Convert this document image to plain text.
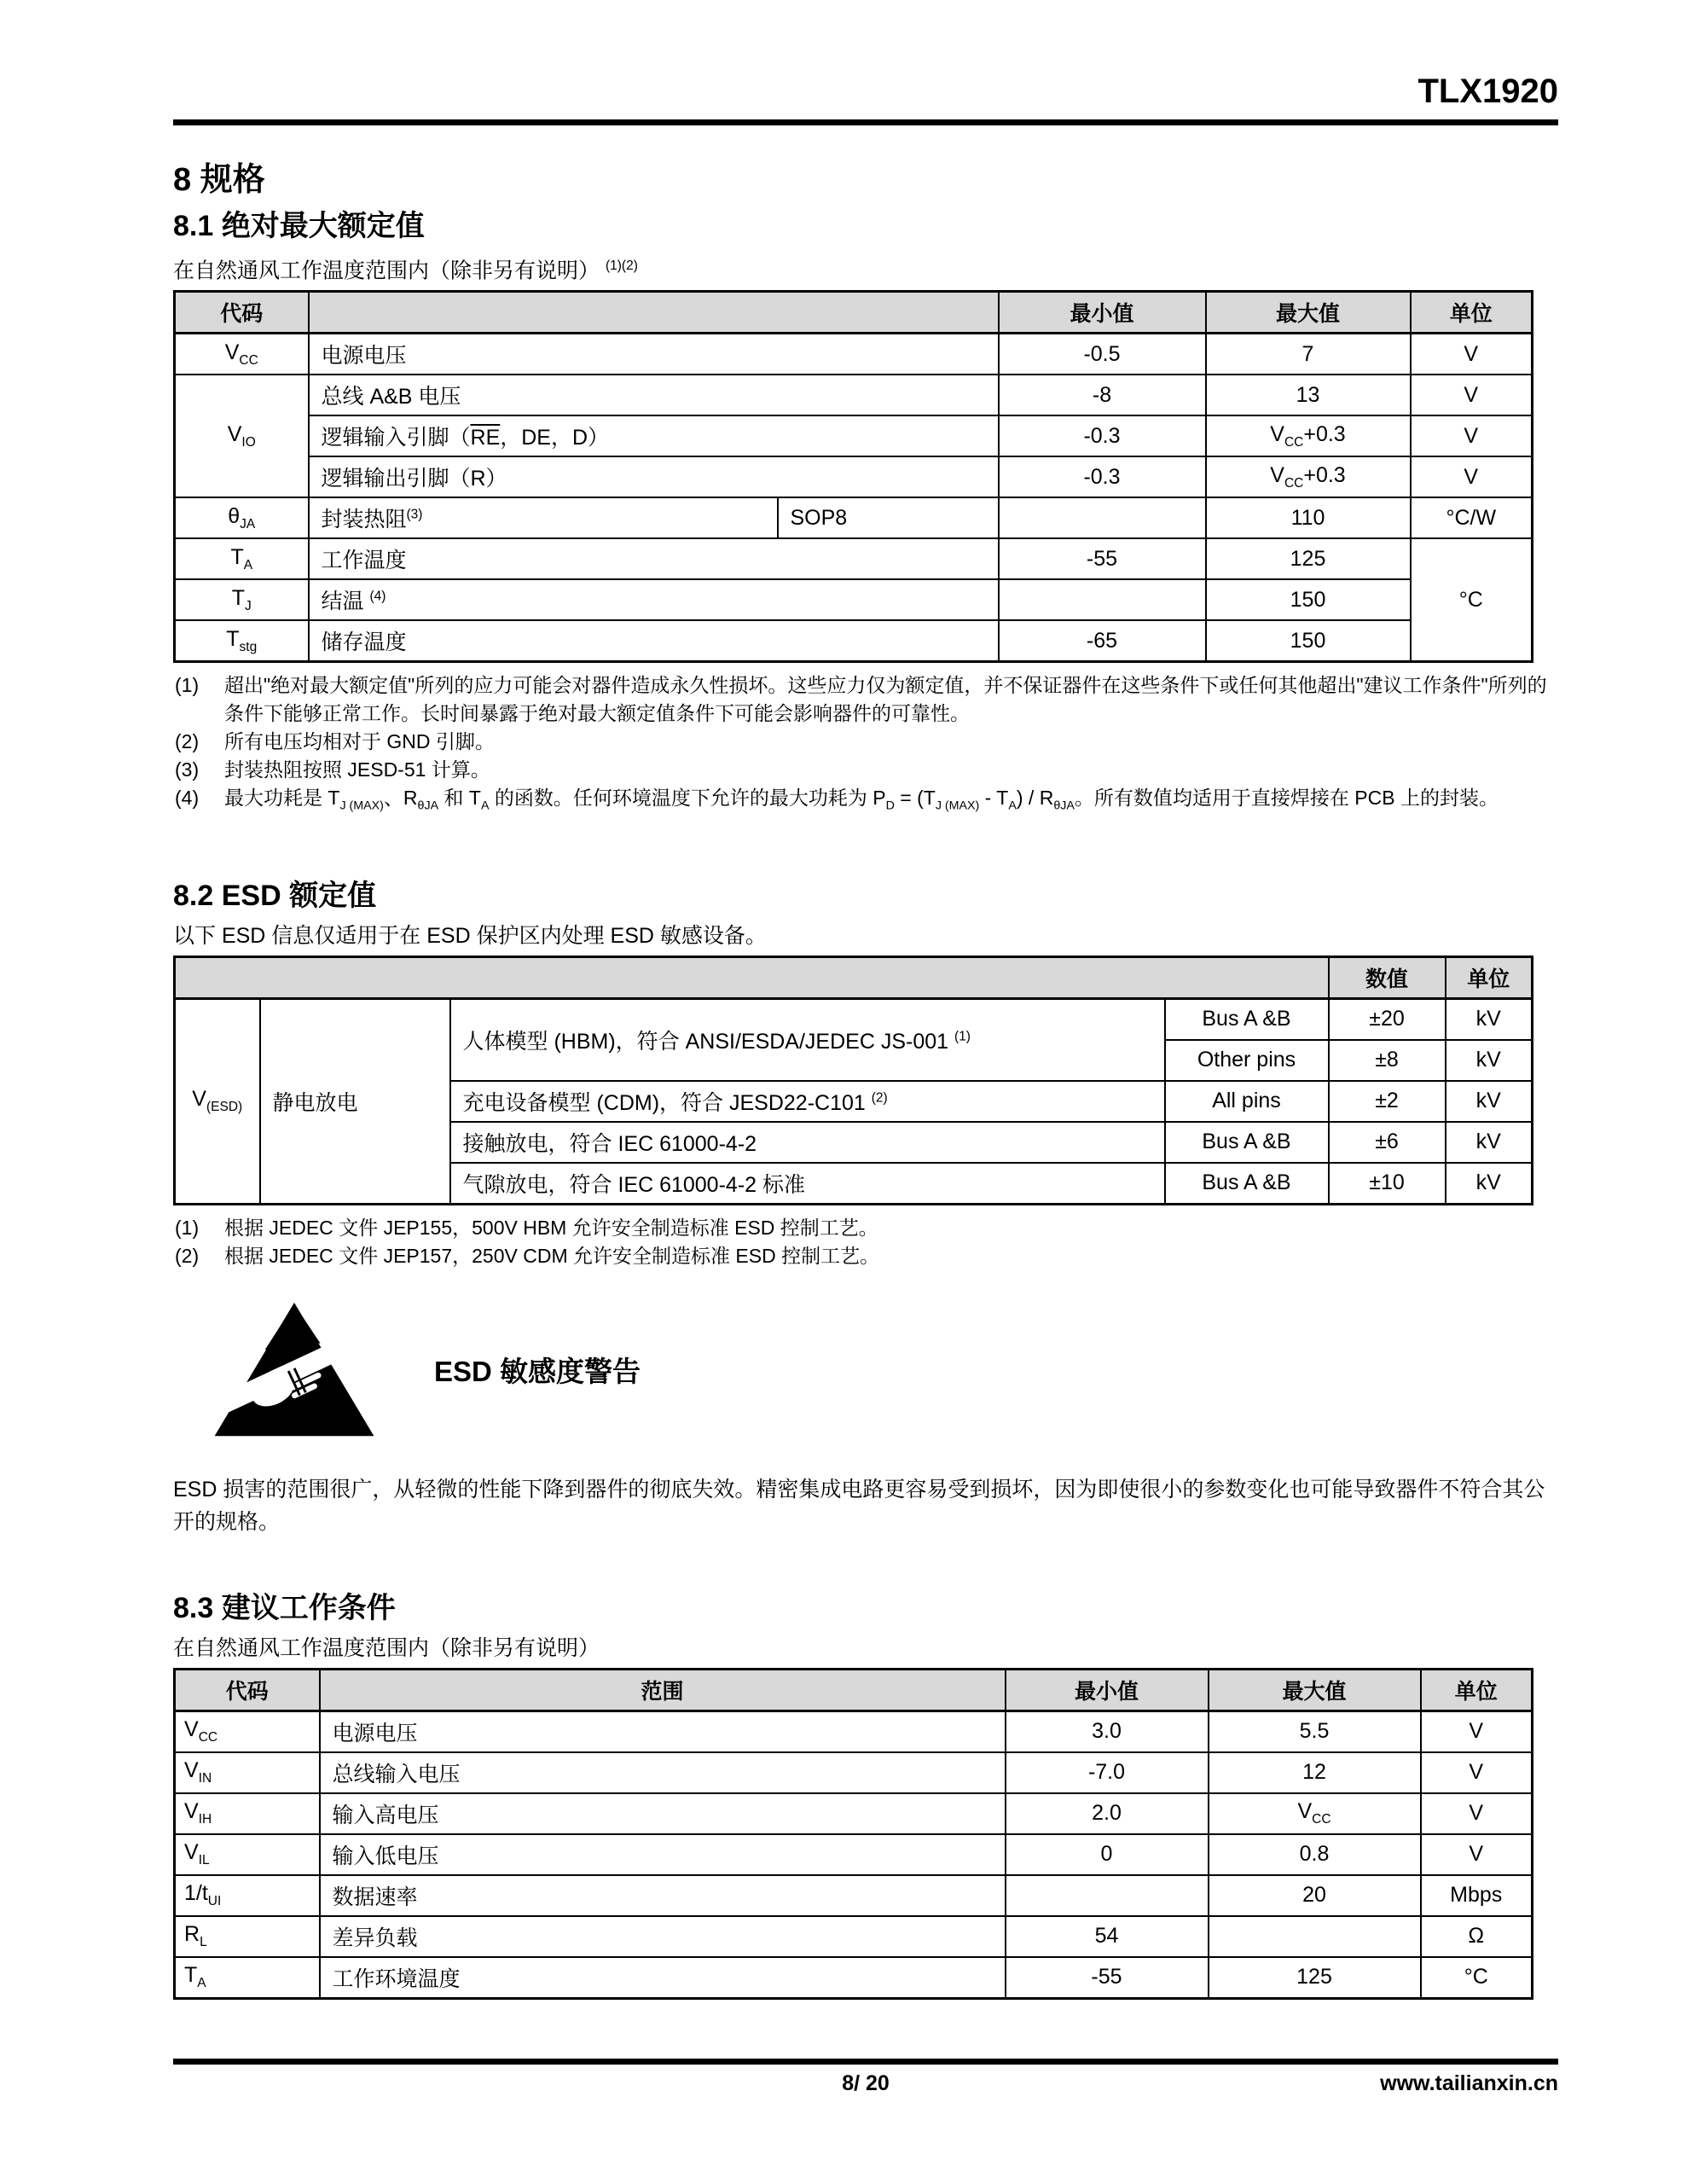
TLX1920
8 规格
8.1 绝对最大额定值
在自然通风工作温度范围内（除非另有说明） $^{(1)(2)}$
代码			最小值	最大值	单位
$V_{CC}$	电源电压		-0.5	7	V
$V_{IO}$	总线 A&B 电压		-8	13	V
	逻辑输入引脚（$\overline{RE}$，DE，D）		-0.3	$V_{CC}+0.3$	V
	逻辑输出引脚（R）		-0.3	$V_{CC}+0.3$	V
$\theta_{JA}$	封装热阻$^{(3)}$	SOP8		110	°C/W
$T_A$	工作温度		-55	125	°C
$T_J$	结温 $^{(4)}$			150	
$T_{stg}$	储存温度		-65	150	
(1)	超出"绝对最大额定值"所列的应力可能会对器件造成永久性损坏。这些应力仅为额定值，并不保证器件在这些条件下或任何其他超出"建议工作条件"所列的条件下能够正常工作。长时间暴露于绝对最大额定值条件下可能会影响器件的可靠性。
(2)	所有电压均相对于 GND 引脚。
(3)	封装热阻按照 JESD-51 计算。
(4)	最大功耗是 $T_{J (MAX)}$、$R_{\theta JA}$ 和 $T_A$ 的函数。任何环境温度下允许的最大功耗为 $P_D = (T_{J (MAX)} - T_A) / R_{\theta JA}$。所有数值均适用于直接焊接在 PCB 上的封装。
8.2 ESD 额定值
以下 ESD 信息仅适用于在 ESD 保护区内处理 ESD 敏感设备。
				数值	单位
$V_{(ESD)}$	静电放电	人体模型 (HBM)，符合 ANSI/ESDA/JEDEC JS-001 $^{(1)}$	Bus A &B	±20	kV
			Other pins	±8	kV
		充电设备模型 (CDM)，符合 JESD22-C101 $^{(2)}$	All pins	±2	kV
		接触放电，符合 IEC 61000-4-2	Bus A &B	±6	kV
		气隙放电，符合 IEC 61000-4-2 标准	Bus A &B	±10	kV
(1)	根据 JEDEC 文件 JEP155，500V HBM 允许安全制造标准 ESD 控制工艺。
(2)	根据 JEDEC 文件 JEP157，250V CDM 允许安全制造标准 ESD 控制工艺。
ESD 敏感度警告
ESD 损害的范围很广，从轻微的性能下降到器件的彻底失效。精密集成电路更容易受到损坏，因为即使很小的参数变化也可能导致器件不符合其公开的规格。
8.3 建议工作条件
在自然通风工作温度范围内（除非另有说明）
代码	范围	最小值	最大值	单位
$V_{CC}$	电源电压	3.0	5.5	V
$V_{IN}$	总线输入电压	-7.0	12	V
$V_{IH}$	输入高电压	2.0	$V_{CC}$	V
$V_{IL}$	输入低电压	0	0.8	V
$1/t_{UI}$	数据速率		20	Mbps
$R_L$	差异负载	54		Ω
$T_A$	工作环境温度	-55	125	°C
8/ 20	www.tailianxin.cn
